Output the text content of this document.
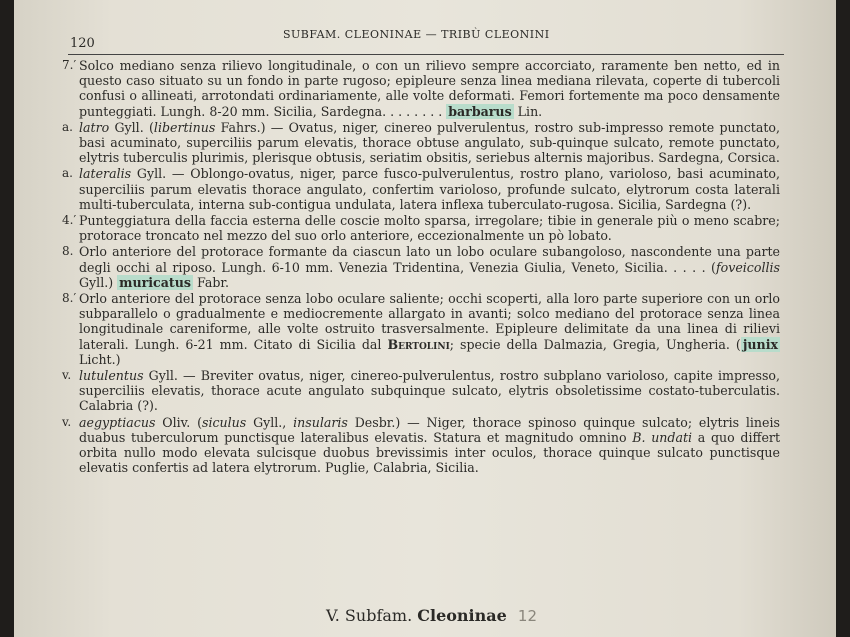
120
SUBFAM. CLEONINAE — TRIBÙ CLEONINI

7.′ Solco mediano senza rilievo longitudinale, o con un rilievo sempre accorciato, raramente ben netto, ed in questo caso situato su un fondo in parte rugoso; epipleure senza linea mediana rilevata, coperte di tubercoli confusi o allineati, arrotondati ordinariamente, alle volte deformati. Femori fortemente ma poco densamente punteggiati. Lungh. 8-20 mm. Sicilia, Sardegna. . . . . . . . barbarus Lin.

a. latro Gyll. (libertinus Fahrs.) — Ovatus, niger, cinereo pulverulentus, rostro sub-impresso remote punctato, basi acuminato, superciliis parum elevatis, thorace obtuse angulato, sub-quinque sulcato, remote punctato, elytris tuberculis plurimis, plerisque obtusis, seriatim obsitis, seriebus alternis majoribus. Sardegna, Corsica.

a. lateralis Gyll. — Oblongo-ovatus, niger, parce fusco-pulverulentus, rostro plano, varioloso, basi acuminato, superciliis parum elevatis thorace angulato, confertim varioloso, profunde sulcato, elytrorum costa laterali multi-tuberculata, interna sub-contigua undulata, latera inflexa tuberculato-rugosa. Sicilia, Sardegna (?).

4.′ Punteggiatura della faccia esterna delle coscie molto sparsa, irregolare; tibie in generale più o meno scabre; protorace troncato nel mezzo del suo orlo anteriore, eccezionalmente un pò lobato.

8. Orlo anteriore del protorace formante da ciascun lato un lobo oculare subangoloso, nascondente una parte degli occhi al riposo. Lungh. 6-10 mm. Venezia Tridentina, Venezia Giulia, Veneto, Sicilia. . . . . (foveicollis Gyll.) muricatus Fabr.

8.′ Orlo anteriore del protorace senza lobo oculare saliente; occhi scoperti, alla loro parte superiore con un orlo subparallelo o gradualmente e mediocremente allargato in avanti; solco mediano del protorace senza linea longitudinale careniforme, alle volte ostruito trasversalmente. Epipleure delimitate da una linea di rilievi laterali. Lungh. 6-21 mm. Citato di Sicilia dal Bertolini; specie della Dalmazia, Gregia, Ungheria. ( junix Licht.)

v. lutulentus Gyll. — Breviter ovatus, niger, cinereo-pulverulentus, rostro subplano varioloso, capite impresso, superciliis elevatis, thorace acute angulato subquinque sulcato, elytris obsoletissime costato-tuberculatis. Calabria (?).

v. aegyptiacus Oliv. (siculus Gyll., insularis Desbr.) — Niger, thorace spinoso quinque sulcato; elytris lineis duabus tuberculorum punctisque lateralibus elevatis. Statura et magnitudo omnino B. undati a quo differt orbita nullo modo elevata sulcisque duobus brevissimis inter oculos, thorace quinque sulcato punctisque elevatis confertis ad latera elytrorum. Puglie, Calabria, Sicilia.

V. Subfam. Cleoninae 12
